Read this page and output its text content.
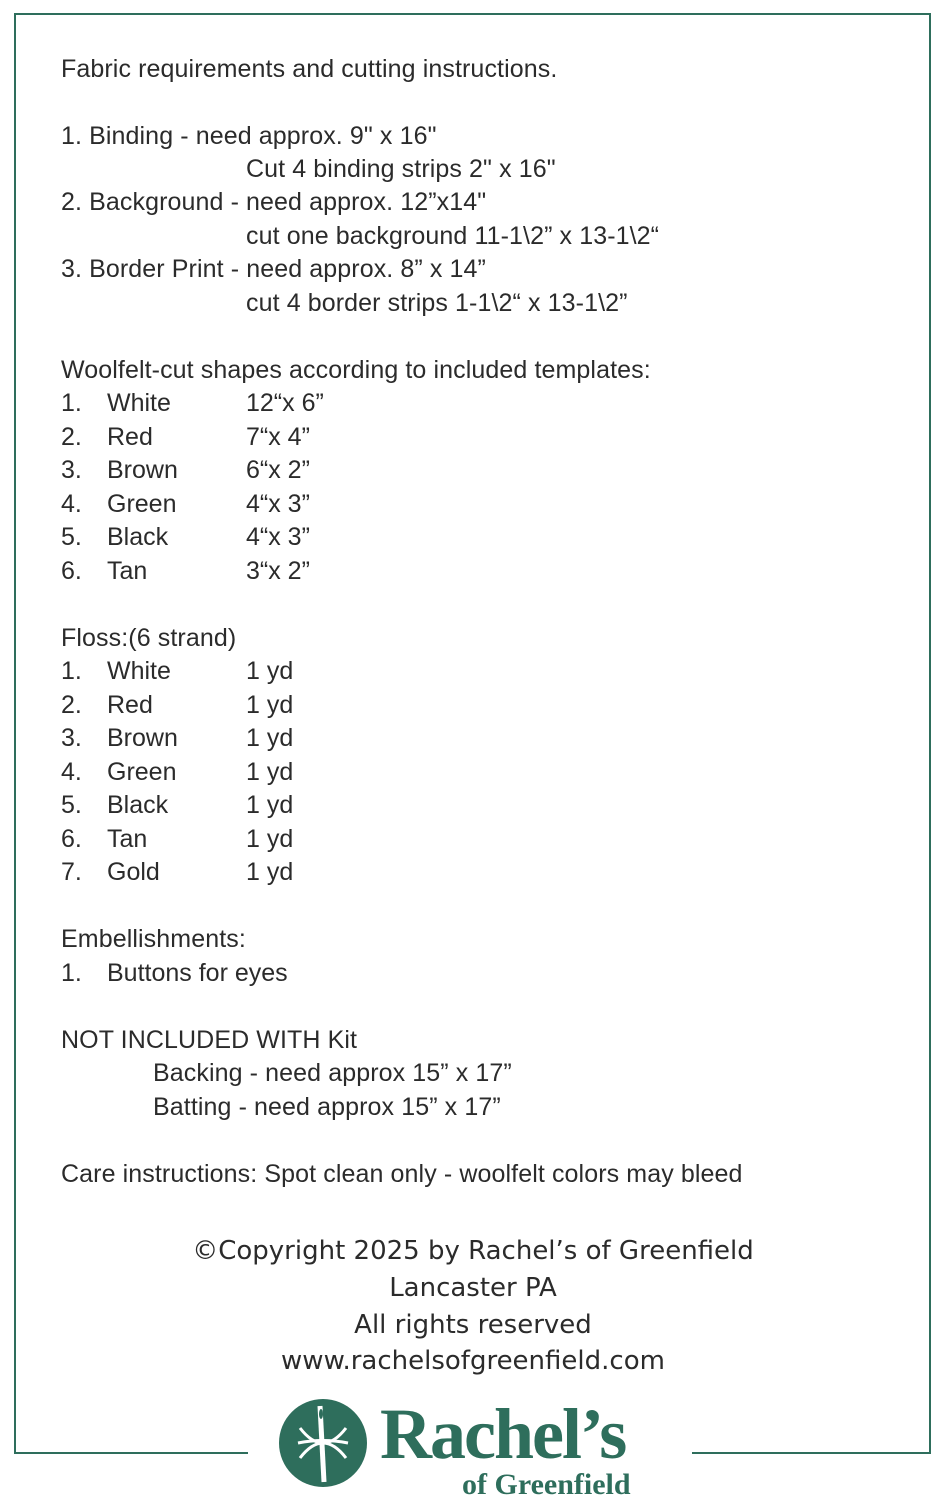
Fabric requirements and cutting instructions.
1. Binding - need approx. 9" x 16"
Cut 4 binding strips 2" x 16"
2. Background - need approx. 12”x14"
cut one background 11-1\2” x 13-1\2“
3. Border Print - need approx. 8” x 14”
cut 4 border strips 1-1\2“ x 13-1\2”
Woolfelt-cut shapes according to included templates:
1. White	12“x 6”
2. Red	7“x 4”
3. Brown	6“x 2”
4. Green	4“x 3”
5. Black	4“x 3”
6. Tan	3“x 2”
Floss:(6 strand)
1. White	1 yd
2. Red	1 yd
3. Brown	1 yd
4. Green	1 yd
5. Black	1 yd
6. Tan	1 yd
7. Gold	1 yd
Embellishments:
1. Buttons for eyes
NOT INCLUDED WITH Kit
Backing - need approx 15” x 17”
Batting - need approx 15” x 17”
Care instructions: Spot clean only - woolfelt colors may bleed
©Copyright 2025 by Rachel’s of Greenfield
Lancaster PA
All rights reserved
www.rachelsofgreenfield.com
Rachel’s
of Greenfield
